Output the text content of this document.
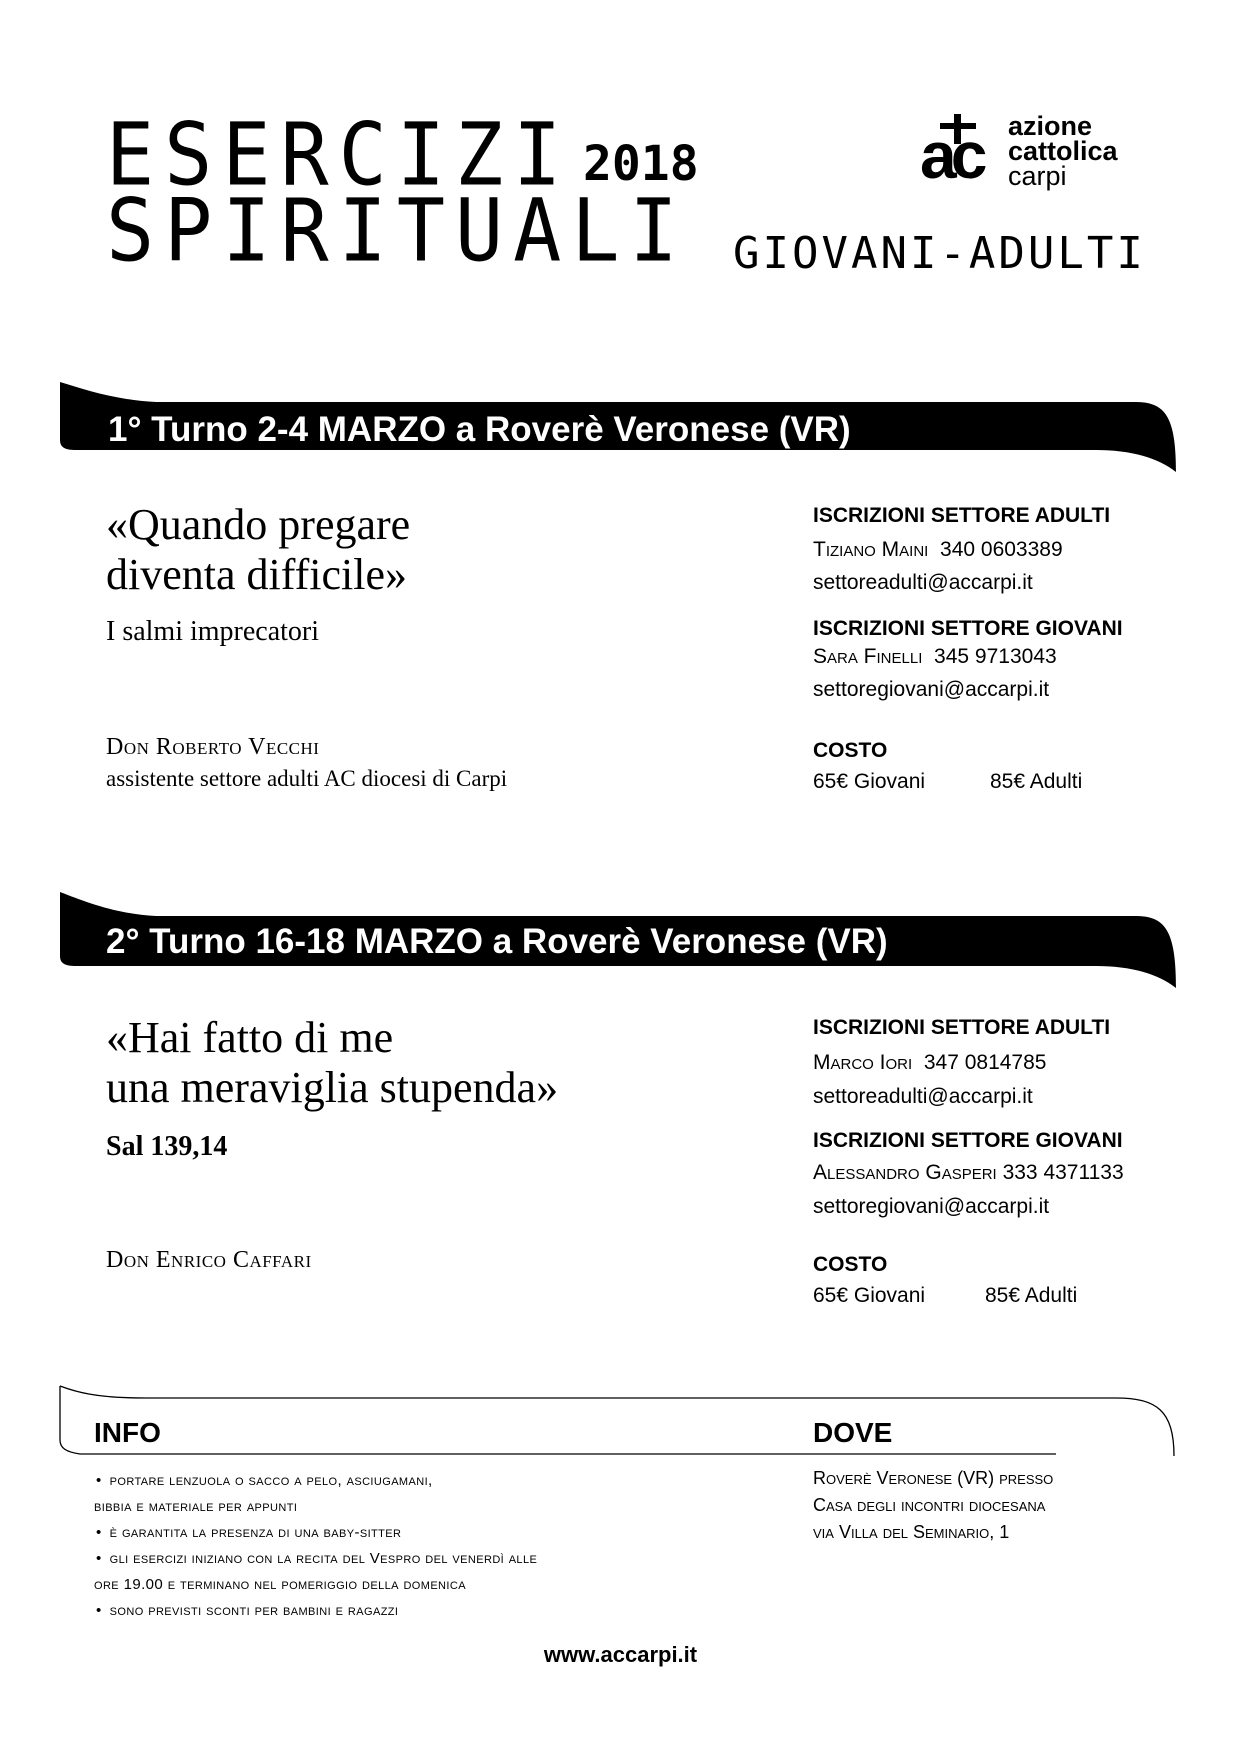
ESERCIZI 2018
SPIRITUALI GIOVANI-ADULTI
ac azione
cattolica
carpi
1° Turno 2-4 MARZO a Roverè Veronese (VR)
«Quando pregare
diventa difficile»
I salmi imprecatori
Don Roberto Vecchi
assistente settore adulti AC diocesi di Carpi
ISCRIZIONI SETTORE ADULTI
Tiziano Maini 340 0603389
settoreadulti@accarpi.it
ISCRIZIONI SETTORE GIOVANI
Sara Finelli 345 9713043
settoregiovani@accarpi.it
COSTO
65€ Giovani	85€ Adulti
2° Turno 16-18 MARZO a Roverè Veronese (VR)
«Hai fatto di me
una meraviglia stupenda»
Sal 139,14
Don Enrico Caffari
ISCRIZIONI SETTORE ADULTI
Marco Iori 347 0814785
settoreadulti@accarpi.it
ISCRIZIONI SETTORE GIOVANI
Alessandro Gasperi 333 4371133
settoregiovani@accarpi.it
COSTO
65€ Giovani	85€ Adulti
INFO	DOVE
• portare lenzuola o sacco a pelo, asciugamani,
bibbia e materiale per appunti
• è garantita la presenza di una baby-sitter
• gli esercizi iniziano con la recita del Vespro del venerdì alle
ore 19.00 e terminano nel pomeriggio della domenica
• sono previsti sconti per bambini e ragazzi
Roverè Veronese (VR) presso
Casa degli incontri diocesana
via Villa del Seminario, 1
www.accarpi.it
